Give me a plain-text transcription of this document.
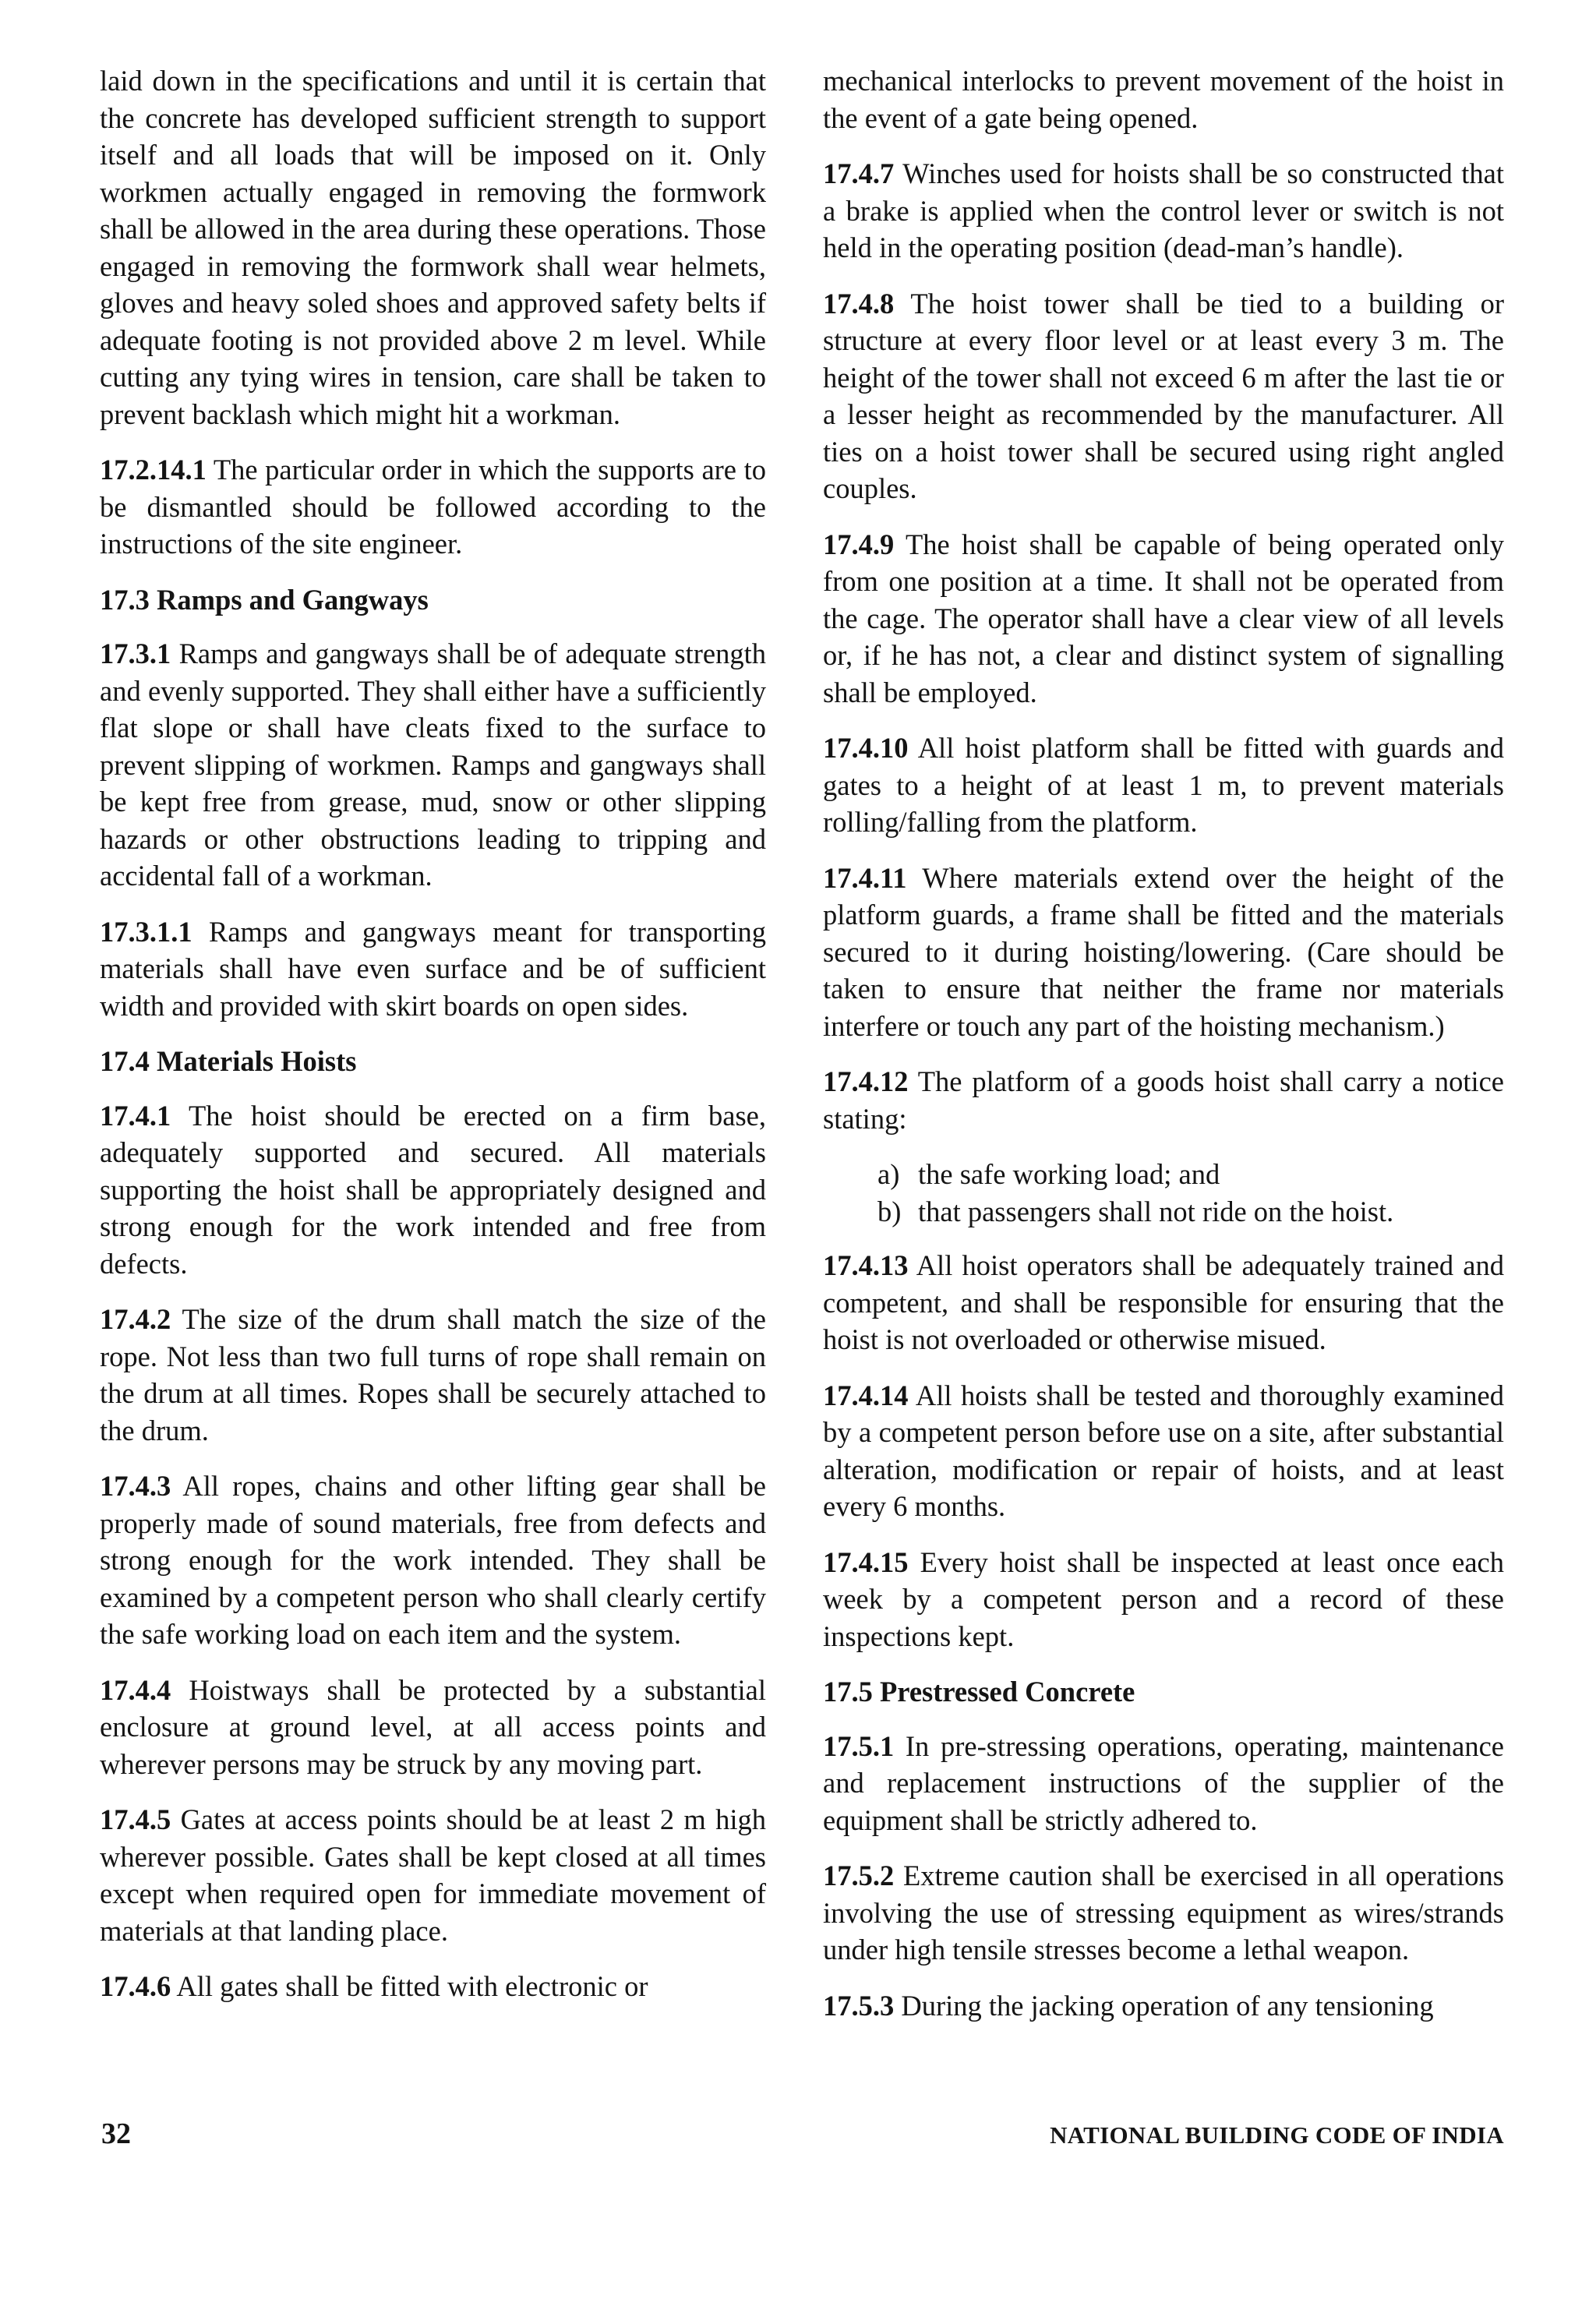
laid down in the specifications and until it is certain that the concrete has developed sufficient strength to support itself and all loads that will be imposed on it. Only workmen actually engaged in removing the formwork shall be allowed in the area during these operations. Those engaged in removing the formwork shall wear helmets, gloves and heavy soled shoes and approved safety belts if adequate footing is not provided above 2 m level. While cutting any tying wires in tension, care shall be taken to prevent backlash which might hit a workman.

17.2.14.1 The particular order in which the supports are to be dismantled should be followed according to the instructions of the site engineer.

17.3 Ramps and Gangways

17.3.1 Ramps and gangways shall be of adequate strength and evenly supported. They shall either have a sufficiently flat slope or shall have cleats fixed to the surface to prevent slipping of workmen. Ramps and gangways shall be kept free from grease, mud, snow or other slipping hazards or other obstructions leading to tripping and accidental fall of a workman.

17.3.1.1 Ramps and gangways meant for transporting materials shall have even surface and be of sufficient width and provided with skirt boards on open sides.

17.4 Materials Hoists

17.4.1 The hoist should be erected on a firm base, adequately supported and secured. All materials supporting the hoist shall be appropriately designed and strong enough for the work intended and free from defects.

17.4.2 The size of the drum shall match the size of the rope. Not less than two full turns of rope shall remain on the drum at all times. Ropes shall be securely attached to the drum.

17.4.3 All ropes, chains and other lifting gear shall be properly made of sound materials, free from defects and strong enough for the work intended. They shall be examined by a competent person who shall clearly certify the safe working load on each item and the system.

17.4.4 Hoistways shall be protected by a substantial enclosure at ground level, at all access points and wherever persons may be struck by any moving part.

17.4.5 Gates at access points should be at least 2 m high wherever possible. Gates shall be kept closed at all times except when required open for immediate movement of materials at that landing place.

17.4.6 All gates shall be fitted with electronic or

mechanical interlocks to prevent movement of the hoist in the event of a gate being opened.

17.4.7 Winches used for hoists shall be so constructed that a brake is applied when the control lever or switch is not held in the operating position (dead-man’s handle).

17.4.8 The hoist tower shall be tied to a building or structure at every floor level or at least every 3 m. The height of the tower shall not exceed 6 m after the last tie or a lesser height as recommended by the manufacturer. All ties on a hoist tower shall be secured using right angled couples.

17.4.9 The hoist shall be capable of being operated only from one position at a time. It shall not be operated from the cage. The operator shall have a clear view of all levels or, if he has not, a clear and distinct system of signalling shall be employed.

17.4.10 All hoist platform shall be fitted with guards and gates to a height of at least 1 m, to prevent materials rolling/falling from the platform.

17.4.11 Where materials extend over the height of the platform guards, a frame shall be fitted and the materials secured to it during hoisting/lowering. (Care should be taken to ensure that neither the frame nor materials interfere or touch any part of the hoisting mechanism.)

17.4.12 The platform of a goods hoist shall carry a notice stating:

a) the safe working load; and
b) that passengers shall not ride on the hoist.

17.4.13 All hoist operators shall be adequately trained and competent, and shall be responsible for ensuring that the hoist is not overloaded or otherwise misued.

17.4.14 All hoists shall be tested and thoroughly examined by a competent person before use on a site, after substantial alteration, modification or repair of hoists, and at least every 6 months.

17.4.15 Every hoist shall be inspected at least once each week by a competent person and a record of these inspections kept.

17.5 Prestressed Concrete

17.5.1 In pre-stressing operations, operating, maintenance and replacement instructions of the supplier of the equipment shall be strictly adhered to.

17.5.2 Extreme caution shall be exercised in all operations involving the use of stressing equipment as wires/strands under high tensile stresses become a lethal weapon.

17.5.3 During the jacking operation of any tensioning

32	NATIONAL BUILDING CODE OF INDIA
